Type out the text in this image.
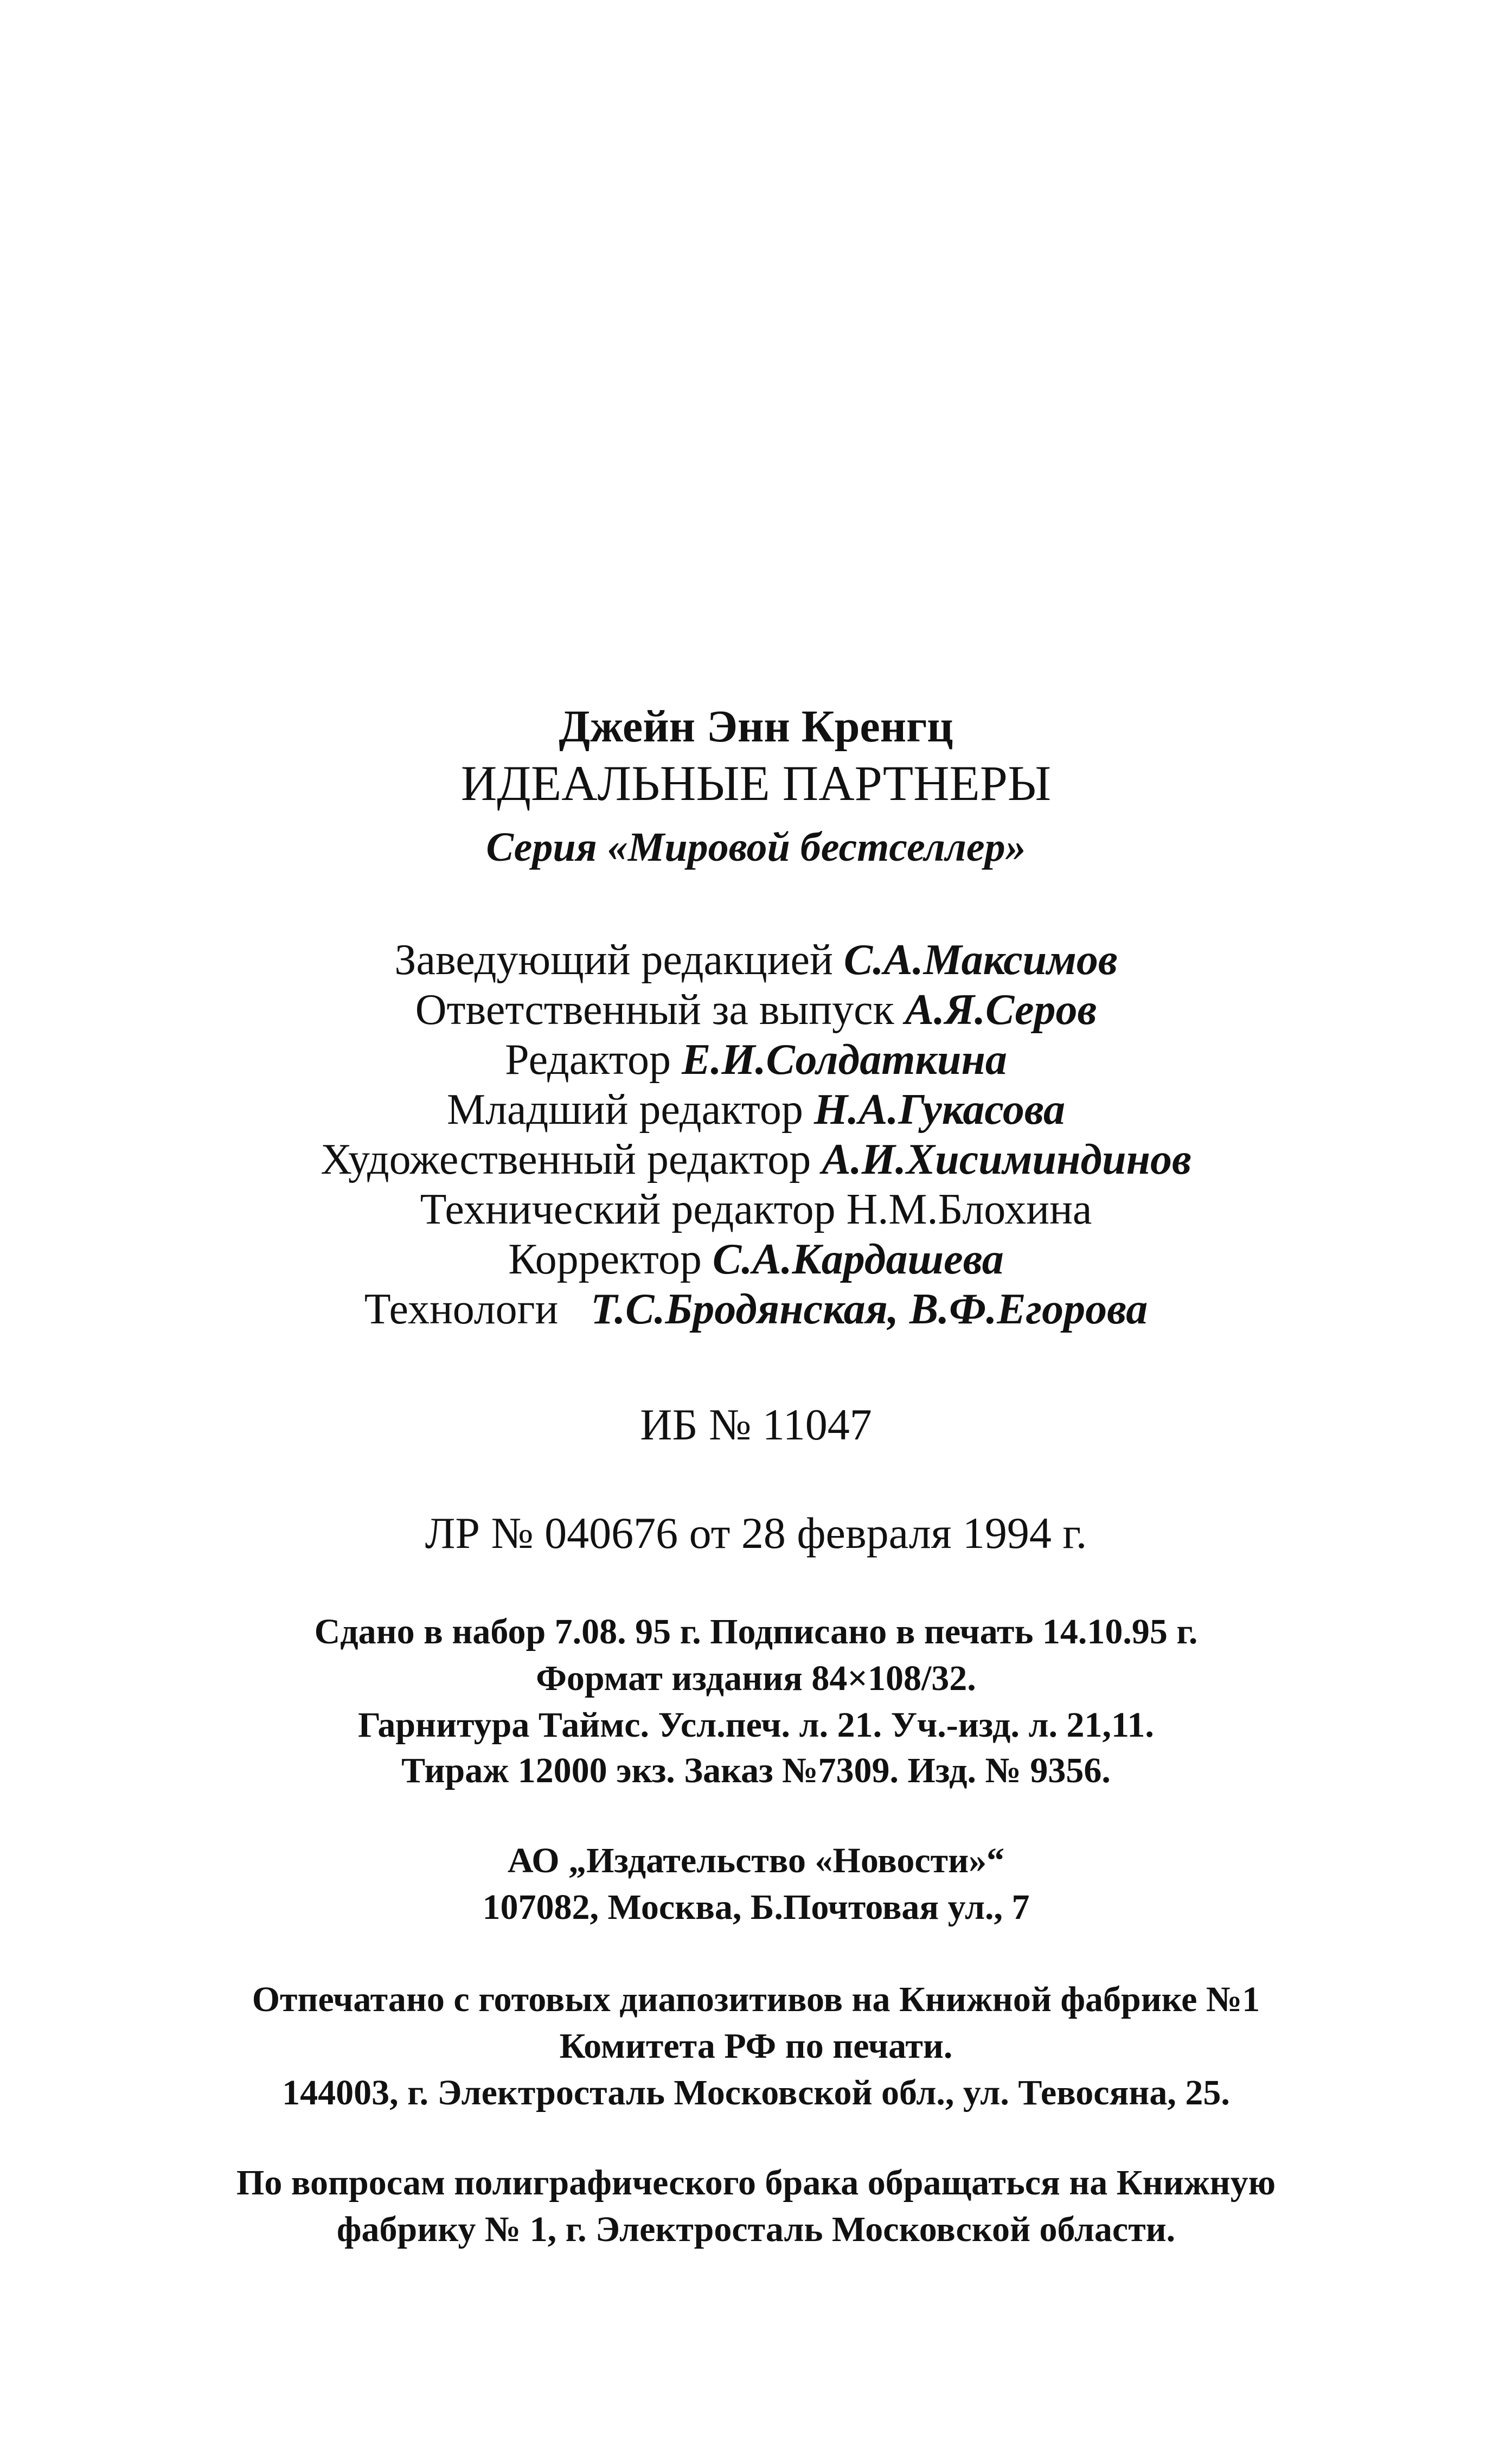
Джейн Энн Кренгц
ИДЕАЛЬНЫЕ ПАРТНЕРЫ
Серия «Мировой бестселлер»
Заведующий редакцией С.А.Максимов
Ответственный за выпуск А.Я.Серов
Редактор Е.И.Солдаткина
Младший редактор Н.А.Гукасова
Художественный редактор А.И.Хисиминдинов
Технический редактор Н.М.Блохина
Корректор С.А.Кардашева
Технологи Т.С.Бродянская, В.Ф.Егорова
ИБ № 11047
ЛР № 040676 от 28 февраля 1994 г.
Сдано в набор 7.08. 95 г. Подписано в печать 14.10.95 г.
Формат издания 84×108/32.
Гарнитура Таймс. Усл.печ. л. 21. Уч.-изд. л. 21,11.
Тираж 12000 экз. Заказ №7309. Изд. № 9356.
АО „Издательство «Новости»“
107082, Москва, Б.Почтовая ул., 7
Отпечатано с готовых диапозитивов на Книжной фабрике №1
Комитета РФ по печати.
144003, г. Электросталь Московской обл., ул. Тевосяна, 25.
По вопросам полиграфического брака обращаться на Книжную
фабрику № 1, г. Электросталь Московской области.
